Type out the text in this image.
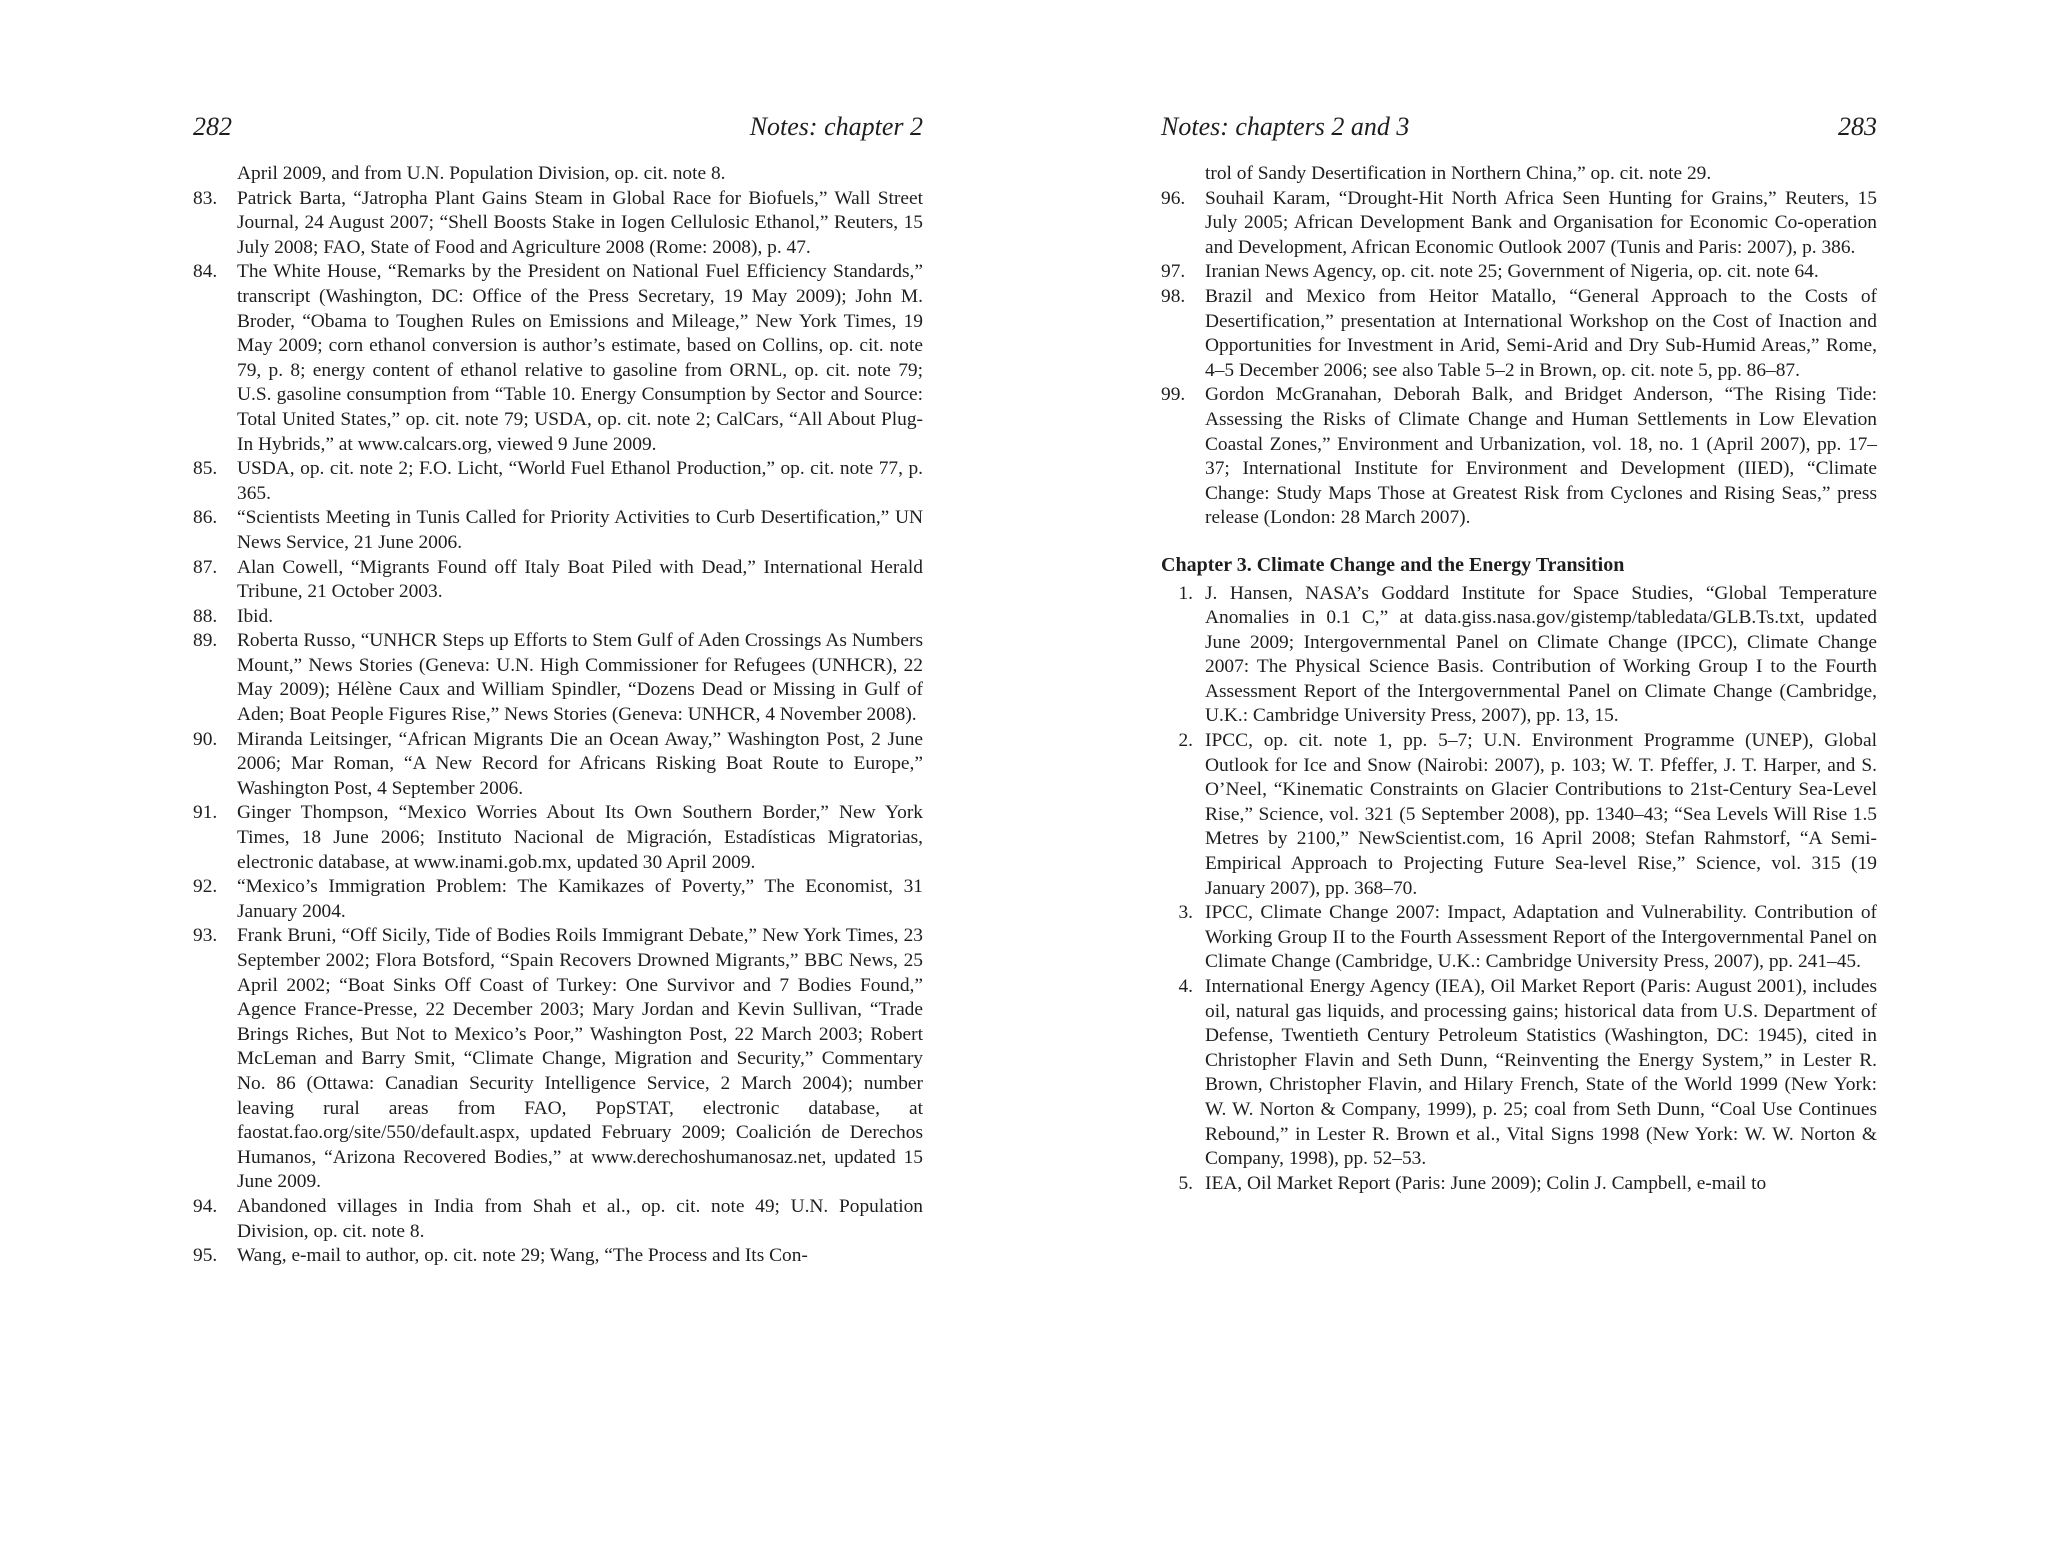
282	Notes: chapter 2
April 2009, and from U.N. Population Division, op. cit. note 8.
83.	Patrick Barta, “Jatropha Plant Gains Steam in Global Race for Biofuels,” Wall Street Journal, 24 August 2007; “Shell Boosts Stake in Iogen Cellulosic Ethanol,” Reuters, 15 July 2008; FAO, State of Food and Agriculture 2008 (Rome: 2008), p. 47.
84.	The White House, “Remarks by the President on National Fuel Efficiency Standards,” transcript (Washington, DC: Office of the Press Secretary, 19 May 2009); John M. Broder, “Obama to Toughen Rules on Emissions and Mileage,” New York Times, 19 May 2009; corn ethanol conversion is author’s estimate, based on Collins, op. cit. note 79, p. 8; energy content of ethanol relative to gasoline from ORNL, op. cit. note 79; U.S. gasoline consumption from “Table 10. Energy Consumption by Sector and Source: Total United States,” op. cit. note 79; USDA, op. cit. note 2; CalCars, “All About Plug-In Hybrids,” at www.calcars.org, viewed 9 June 2009.
85.	USDA, op. cit. note 2; F.O. Licht, “World Fuel Ethanol Production,” op. cit. note 77, p. 365.
86.	“Scientists Meeting in Tunis Called for Priority Activities to Curb Desertification,” UN News Service, 21 June 2006.
87.	Alan Cowell, “Migrants Found off Italy Boat Piled with Dead,” International Herald Tribune, 21 October 2003.
88.	Ibid.
89.	Roberta Russo, “UNHCR Steps up Efforts to Stem Gulf of Aden Crossings As Numbers Mount,” News Stories (Geneva: U.N. High Commissioner for Refugees (UNHCR), 22 May 2009); Hélène Caux and William Spindler, “Dozens Dead or Missing in Gulf of Aden; Boat People Figures Rise,” News Stories (Geneva: UNHCR, 4 November 2008).
90.	Miranda Leitsinger, “African Migrants Die an Ocean Away,” Washington Post, 2 June 2006; Mar Roman, “A New Record for Africans Risking Boat Route to Europe,” Washington Post, 4 September 2006.
91.	Ginger Thompson, “Mexico Worries About Its Own Southern Border,” New York Times, 18 June 2006; Instituto Nacional de Migración, Estadísticas Migratorias, electronic database, at www.inami.gob.mx, updated 30 April 2009.
92.	“Mexico’s Immigration Problem: The Kamikazes of Poverty,” The Economist, 31 January 2004.
93.	Frank Bruni, “Off Sicily, Tide of Bodies Roils Immigrant Debate,” New York Times, 23 September 2002; Flora Botsford, “Spain Recovers Drowned Migrants,” BBC News, 25 April 2002; “Boat Sinks Off Coast of Turkey: One Survivor and 7 Bodies Found,” Agence France-Presse, 22 December 2003; Mary Jordan and Kevin Sullivan, “Trade Brings Riches, But Not to Mexico’s Poor,” Washington Post, 22 March 2003; Robert McLeman and Barry Smit, “Climate Change, Migration and Security,” Commentary No. 86 (Ottawa: Canadian Security Intelligence Service, 2 March 2004); number leaving rural areas from FAO, PopSTAT, electronic database, at faostat.fao.org/site/550/default.aspx, updated February 2009; Coalición de Derechos Humanos, “Arizona Recovered Bodies,” at www.derechoshumanosaz.net, updated 15 June 2009.
94.	Abandoned villages in India from Shah et al., op. cit. note 49; U.N. Population Division, op. cit. note 8.
95.	Wang, e-mail to author, op. cit. note 29; Wang, “The Process and Its Con-
Notes: chapters 2 and 3	283
trol of Sandy Desertification in Northern China,” op. cit. note 29.
96.	Souhail Karam, “Drought-Hit North Africa Seen Hunting for Grains,” Reuters, 15 July 2005; African Development Bank and Organisation for Economic Co-operation and Development, African Economic Outlook 2007 (Tunis and Paris: 2007), p. 386.
97.	Iranian News Agency, op. cit. note 25; Government of Nigeria, op. cit. note 64.
98.	Brazil and Mexico from Heitor Matallo, “General Approach to the Costs of Desertification,” presentation at International Workshop on the Cost of Inaction and Opportunities for Investment in Arid, Semi-Arid and Dry Sub-Humid Areas,” Rome, 4–5 December 2006; see also Table 5–2 in Brown, op. cit. note 5, pp. 86–87.
99.	Gordon McGranahan, Deborah Balk, and Bridget Anderson, “The Rising Tide: Assessing the Risks of Climate Change and Human Settlements in Low Elevation Coastal Zones,” Environment and Urbanization, vol. 18, no. 1 (April 2007), pp. 17–37; International Institute for Environment and Development (IIED), “Climate Change: Study Maps Those at Greatest Risk from Cyclones and Rising Seas,” press release (London: 28 March 2007).
Chapter 3. Climate Change and the Energy Transition
1. J. Hansen, NASA’s Goddard Institute for Space Studies, “Global Temperature Anomalies in 0.1 C,” at data.giss.nasa.gov/gistemp/tabledata/GLB.Ts.txt, updated June 2009; Intergovernmental Panel on Climate Change (IPCC), Climate Change 2007: The Physical Science Basis. Contribution of Working Group I to the Fourth Assessment Report of the Intergovernmental Panel on Climate Change (Cambridge, U.K.: Cambridge University Press, 2007), pp. 13, 15.
2. IPCC, op. cit. note 1, pp. 5–7; U.N. Environment Programme (UNEP), Global Outlook for Ice and Snow (Nairobi: 2007), p. 103; W. T. Pfeffer, J. T. Harper, and S. O’Neel, “Kinematic Constraints on Glacier Contributions to 21st-Century Sea-Level Rise,” Science, vol. 321 (5 September 2008), pp. 1340–43; “Sea Levels Will Rise 1.5 Metres by 2100,” NewScientist.com, 16 April 2008; Stefan Rahmstorf, “A Semi-Empirical Approach to Projecting Future Sea-level Rise,” Science, vol. 315 (19 January 2007), pp. 368–70.
3. IPCC, Climate Change 2007: Impact, Adaptation and Vulnerability. Contribution of Working Group II to the Fourth Assessment Report of the Intergovernmental Panel on Climate Change (Cambridge, U.K.: Cambridge University Press, 2007), pp. 241–45.
4. International Energy Agency (IEA), Oil Market Report (Paris: August 2001), includes oil, natural gas liquids, and processing gains; historical data from U.S. Department of Defense, Twentieth Century Petroleum Statistics (Washington, DC: 1945), cited in Christopher Flavin and Seth Dunn, “Reinventing the Energy System,” in Lester R. Brown, Christopher Flavin, and Hilary French, State of the World 1999 (New York: W. W. Norton & Company, 1999), p. 25; coal from Seth Dunn, “Coal Use Continues Rebound,” in Lester R. Brown et al., Vital Signs 1998 (New York: W. W. Norton & Company, 1998), pp. 52–53.
5. IEA, Oil Market Report (Paris: June 2009); Colin J. Campbell, e-mail to
